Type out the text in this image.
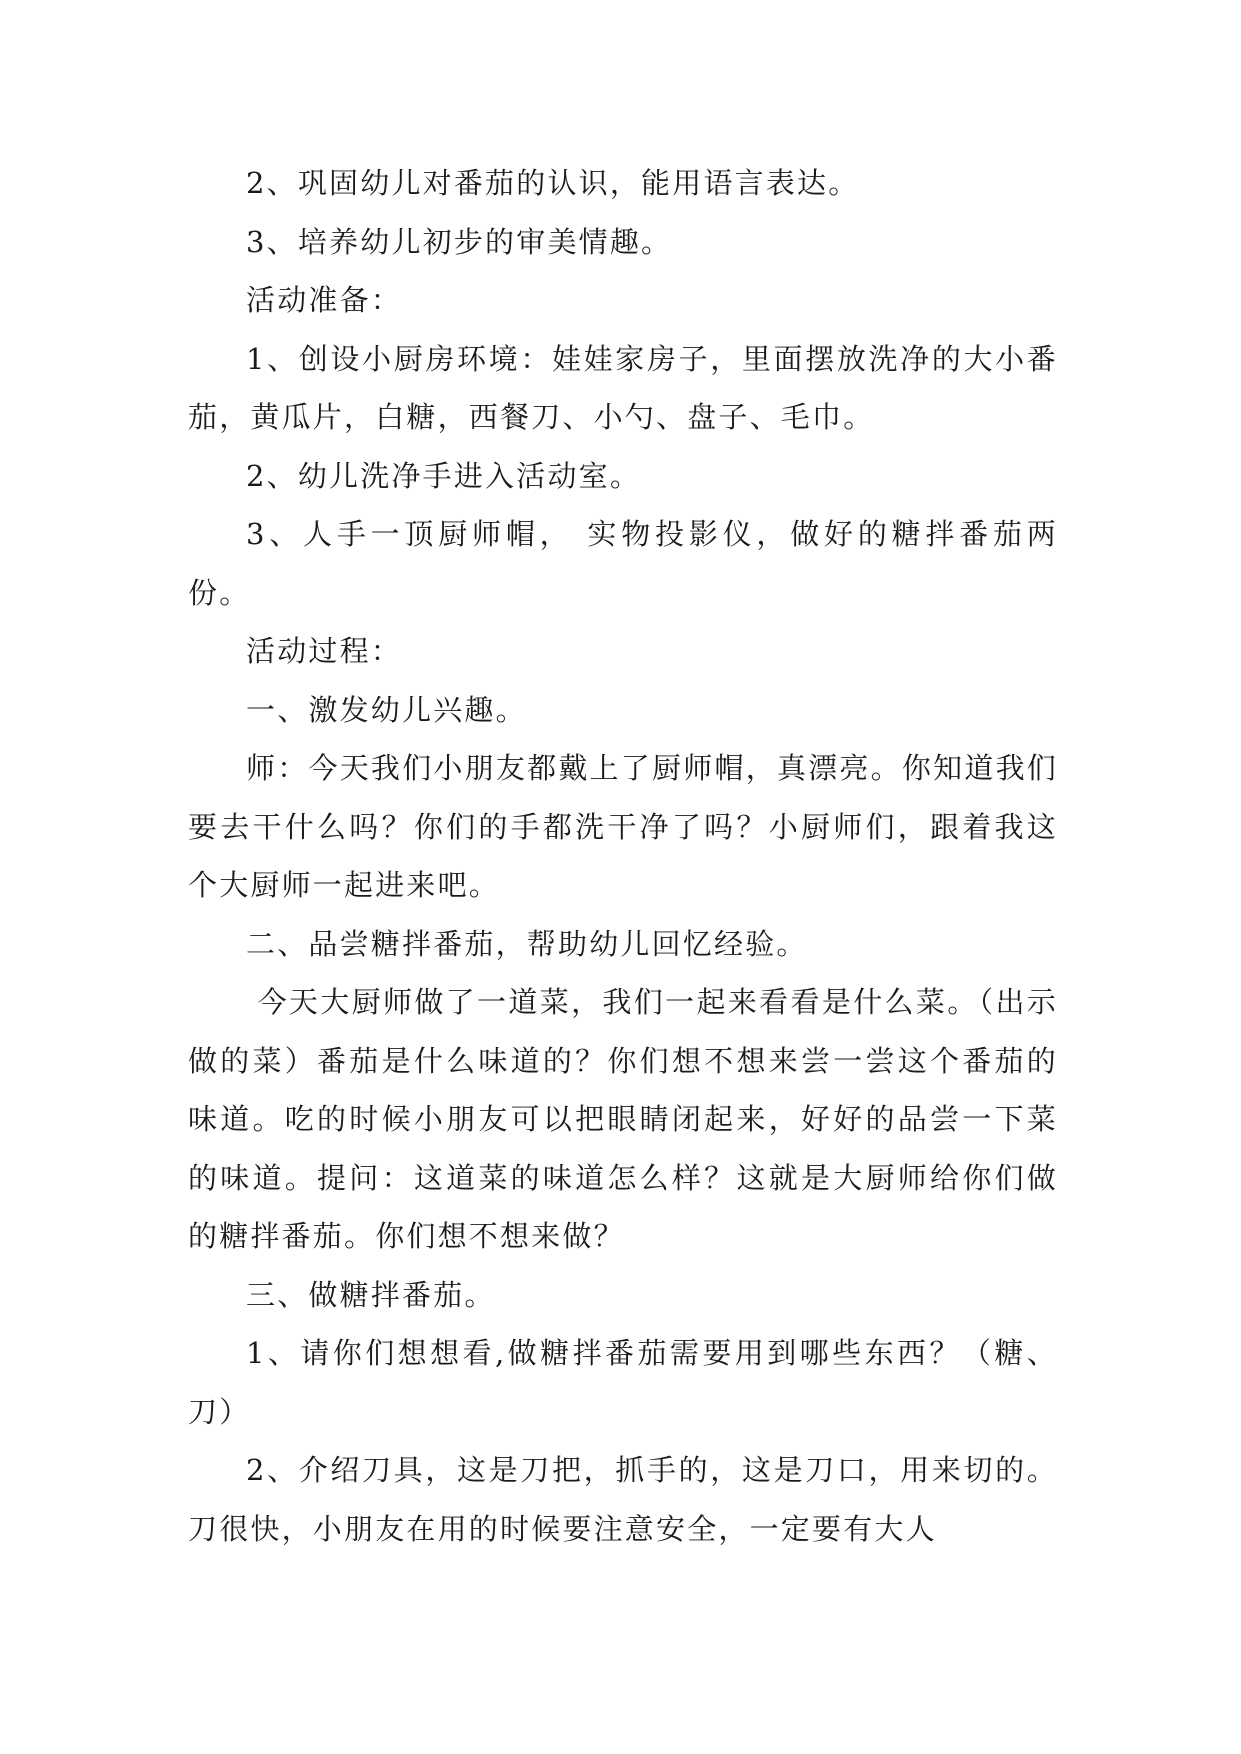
2、巩固幼儿对番茄的认识，能用语言表达。

3、培养幼儿初步的审美情趣。

活动准备：

1、创设小厨房环境：娃娃家房子，里面摆放洗净的大小番茄，黄瓜片，白糖，西餐刀、小勺、盘子、毛巾。

2、幼儿洗净手进入活动室。

3、人手一顶厨师帽， 实物投影仪，做好的糖拌番茄两份。

活动过程：

一、激发幼儿兴趣。

师：今天我们小朋友都戴上了厨师帽，真漂亮。你知道我们要去干什么吗？你们的手都洗干净了吗？小厨师们，跟着我这个大厨师一起进来吧。

二、品尝糖拌番茄，帮助幼儿回忆经验。

今天大厨师做了一道菜，我们一起来看看是什么菜。（出示做的菜）番茄是什么味道的？你们想不想来尝一尝这个番茄的味道。吃的时候小朋友可以把眼睛闭起来，好好的品尝一下菜的味道。提问：这道菜的味道怎么样？这就是大厨师给你们做的糖拌番茄。你们想不想来做？

三、做糖拌番茄。

1、请你们想想看,做糖拌番茄需要用到哪些东西？（糖、刀）

2、介绍刀具，这是刀把，抓手的，这是刀口，用来切的。刀很快，小朋友在用的时候要注意安全，一定要有大人
